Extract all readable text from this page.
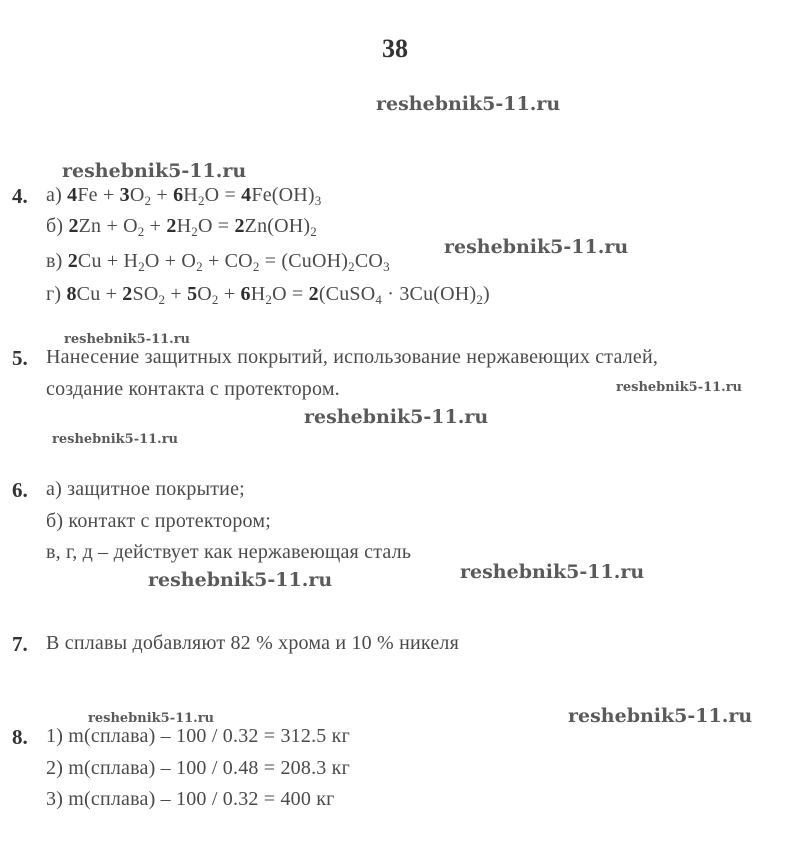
38
reshebnik5-11.ru
reshebnik5-11.ru
reshebnik5-11.ru
reshebnik5-11.ru
reshebnik5-11.ru
reshebnik5-11.ru
reshebnik5-11.ru
reshebnik5-11.ru	reshebnik5-11.ru
reshebnik5-11.ru	reshebnik5-11.ru
4. а) $4Fe + 3O_2 + 6H_2O = 4Fe(OH)_3$
б) $2Zn + O_2 + 2H_2O = 2Zn(OH)_2$
в) $2Cu + H_2O + O_2 + CO_2$ = $(CuOH)_2CO_3$
г) $8Cu + 2SO_2 + 5O_2 + 6H_2O$ = 2(CuSO$_4$ · $3Cu(OH)_2$)
5. Нанесение защитных покрытий, использование нержавеющих сталей,
создание контакта с протектором.
6. а) защитное покрытие;
б) контакт с протектором;
в, г, д – действует как нержавеющая сталь
7. В сплавы добавляют 82 % хрома и 10 % никеля
8. 1) m(сплава) – 100 / 0.32 = 312.5 кг
2) m(сплава) – 100 / 0.48 = 208.3 кг
3) m(сплава) – 100 / 0.32 = 400 кг
